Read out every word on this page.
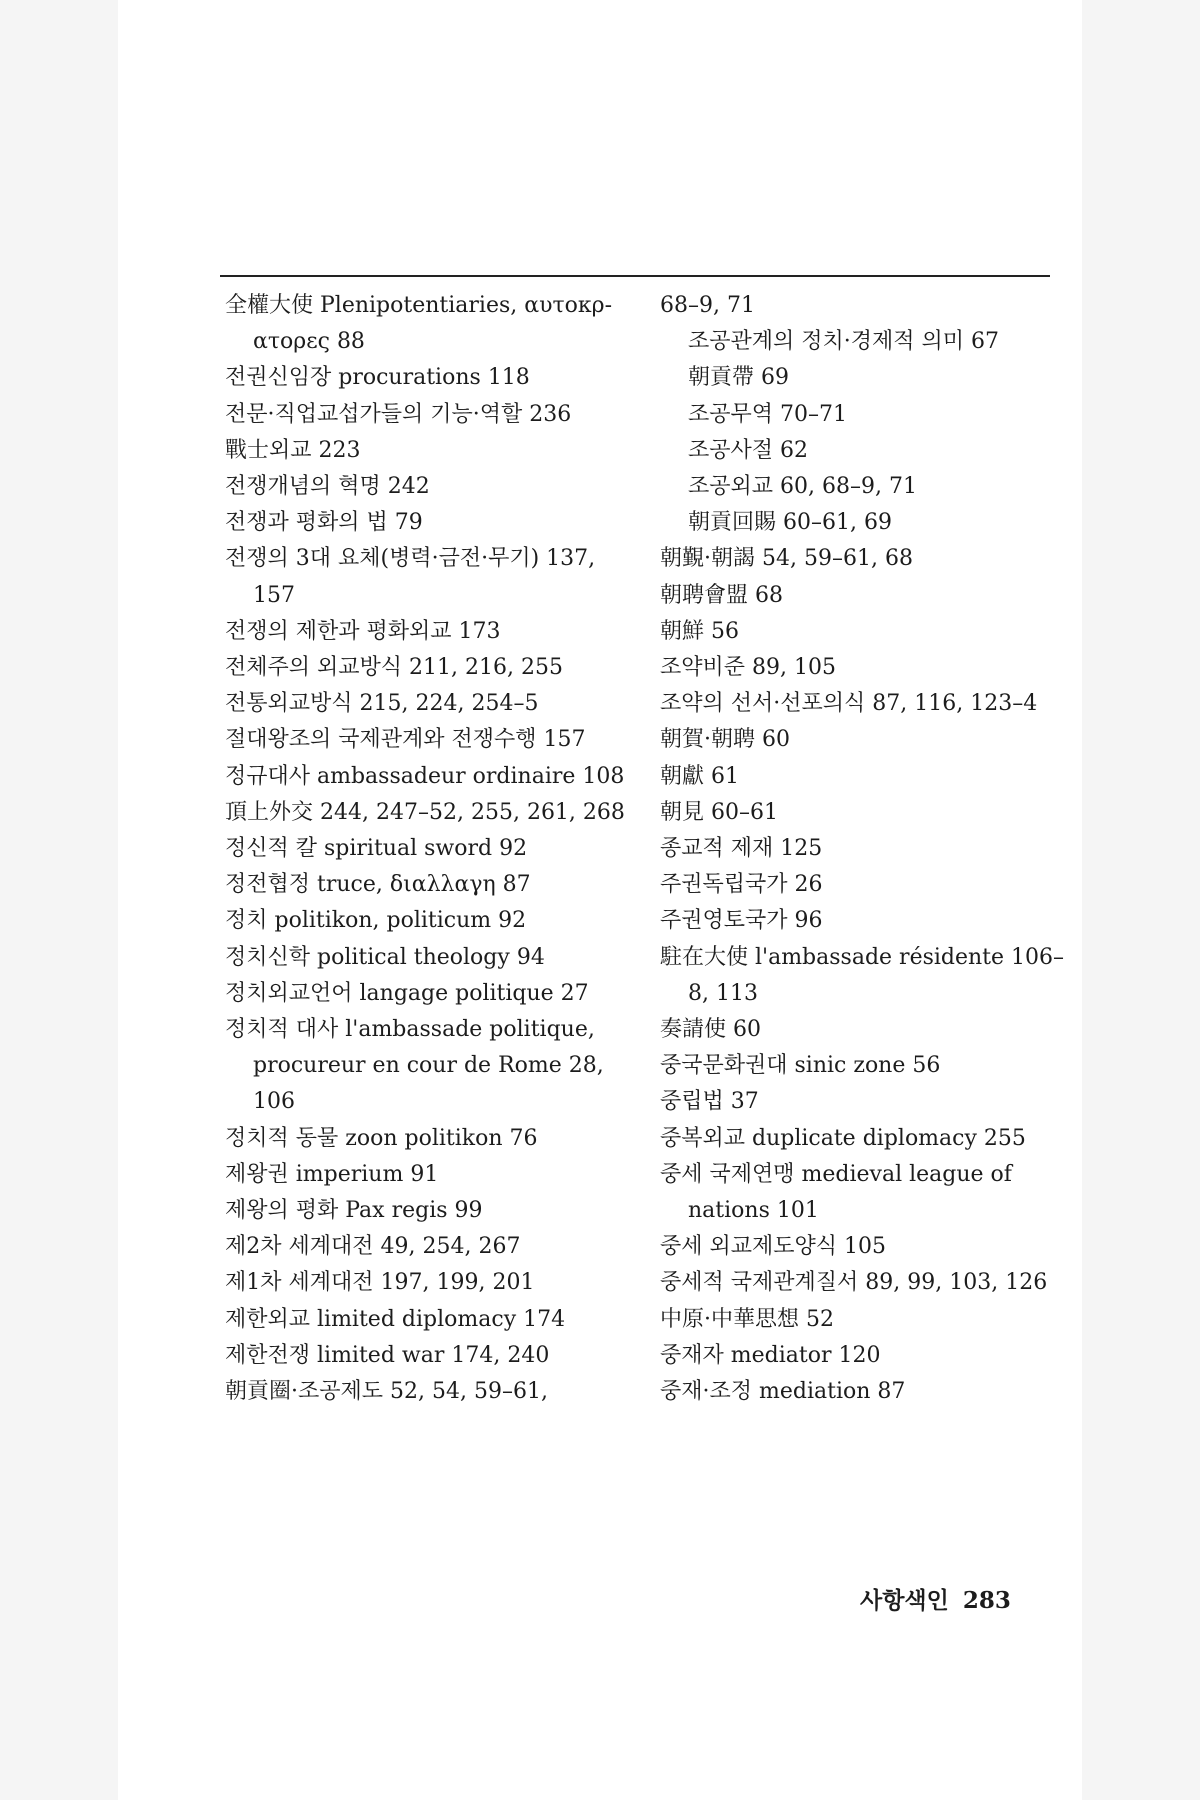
全權大使 Plenipotentiaries, αυτοκρ-ατορες 88
전권신임장 procurations 118
전문·직업교섭가들의 기능·역할 236
戰士외교 223
전쟁개념의 혁명 242
전쟁과 평화의 법 79
전쟁의 3대 요체(병력·금전·무기) 137, 157
전쟁의 제한과 평화외교 173
전체주의 외교방식 211, 216, 255
전통외교방식 215, 224, 254–5
절대왕조의 국제관계와 전쟁수행 157
정규대사 ambassadeur ordinaire 108
頂上外交 244, 247–52, 255, 261, 268
정신적 칼 spiritual sword 92
정전협정 truce, διαλλαγη 87
정치 politikon, politicum 92
정치신학 political theology 94
정치외교언어 langage politique 27
정치적 대사 l'ambassade politique, procureur en cour de Rome 28, 106
정치적 동물 zoon politikon 76
제왕권 imperium 91
제왕의 평화 Pax regis 99
제2차 세계대전 49, 254, 267
제1차 세계대전 197, 199, 201
제한외교 limited diplomacy 174
제한전쟁 limited war 174, 240
朝貢圈·조공제도 52, 54, 59–61,
68–9, 71
조공관계의 정치·경제적 의미 67
朝貢帶 69
조공무역 70–71
조공사절 62
조공외교 60, 68–9, 71
朝貢回賜 60–61, 69
朝覲·朝謁 54, 59–61, 68
朝聘會盟 68
朝鮮 56
조약비준 89, 105
조약의 선서·선포의식 87, 116, 123–4
朝賀·朝聘 60
朝獻 61
朝見 60–61
종교적 제재 125
주권독립국가 26
주권영토국가 96
駐在大使 l'ambassade résidente 106–8, 113
奏請使 60
중국문화권대 sinic zone 56
중립법 37
중복외교 duplicate diplomacy 255
중세 국제연맹 medieval league of nations 101
중세 외교제도양식 105
중세적 국제관계질서 89, 99, 103, 126
中原·中華思想 52
중재자 mediator 120
중재·조정 mediation 87
사항색인 283
